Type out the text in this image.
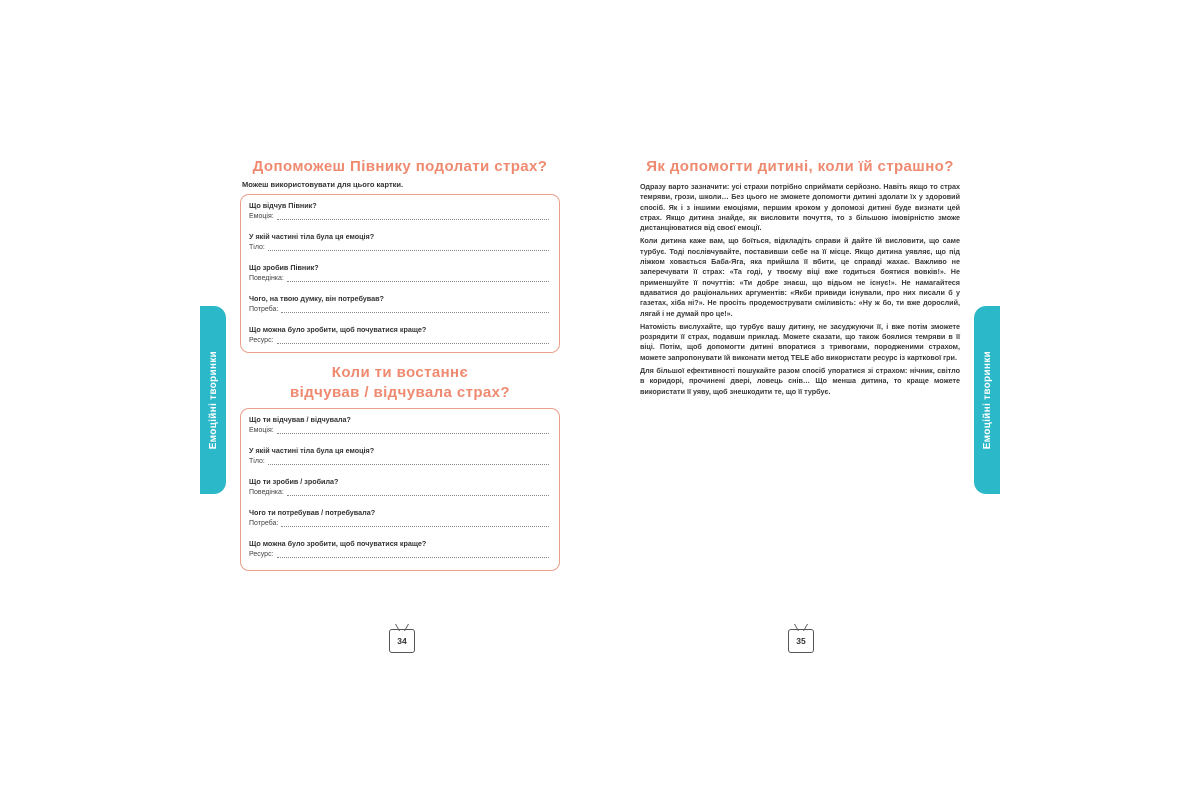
Емоційні творинки
Допоможеш Півнику подолати страх?
Можеш використовувати для цього картки.
Що відчув Півник?
Емоція:
У якій частині тіла була ця емоція?
Тіло:
Що зробив Півник?
Поведінка:
Чого, на твою думку, він потребував?
Потреба:
Що можна було зробити, щоб почуватися краще?
Ресурс:
Коли ти востаннє
відчував / відчувала страх?
Що ти відчував / відчувала?
Емоція:
У якій частині тіла була ця емоція?
Тіло:
Що ти зробив / зробила?
Поведінка:
Чого ти потребував / потребувала?
Потреба:
Що можна було зробити, щоб почуватися краще?
Ресурс:
34
Емоційні творинки
Як допомогти дитині, коли їй страшно?

Одразу варто зазначити: усі страхи потрібно сприймати серйозно. Навіть якщо то страх темряви, грози, школи… Без цього не зможете допомогти дитині здолати їх у здоровий спосіб. Як і з іншими емоціями, першим кроком у допомозі дитині буде визнати цей страх. Якщо дитина знайде, як висловити почуття, то з більшою імовірністю зможе дистанціюватися від своєї емоції.

Коли дитина каже вам, що боїться, відкладіть справи й дайте їй висловити, що саме турбує. Тоді послівчувайте, поставивши себе на її місце. Якщо дитина уявляє, що під ліжком ховається Баба-Яга, яка прийшла її вбити, це справді жахає. Важливо не заперечувати її страх: «Та годі, у твоєму віці вже годиться боятися вовків!». Не применшуйте її почуттів: «Ти добре знаєш, що відьом не існує!». Не намагайтеся вдаватися до раціональних аргументів: «Якби привиди існували, про них писали б у газетах, хіба ні?». Не просіть продемострувати сміливість: «Ну ж бо, ти вже дорослий, лягай і не думай про це!».

Натомість вислухайте, що турбує вашу дитину, не засуджуючи її, і вже потім зможете розрядити її страх, подавши приклад. Можете сказати, що також боялися темряви в її віці. Потім, щоб допомогти дитині впоратися з тривогами, породженими страхом, можете запропонувати їй виконати метод TELE або використати ресурс із карткової гри.

Для більшої ефективності пошукайте разом спосіб упоратися зі страхом: нічник, світло в коридорі, прочинені двері, ловець снів… Що менша дитина, то краще можете використати її уяву, щоб знешкодити те, що її турбує.

35
